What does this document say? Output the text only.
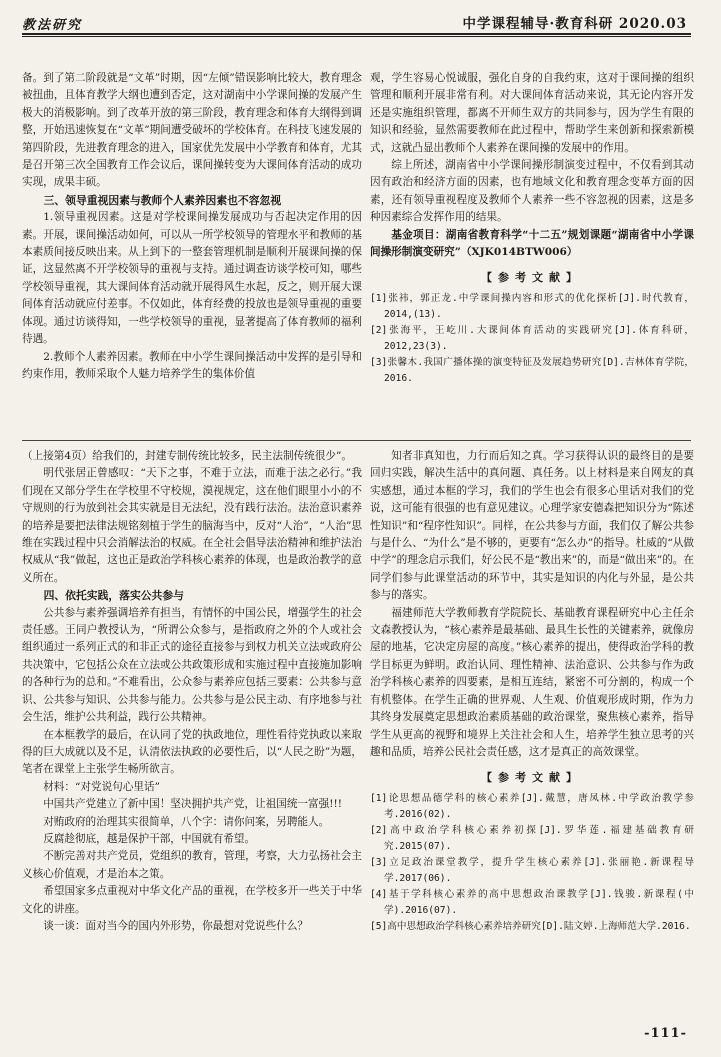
教法研究	中学课程辅导·教育科研 2020.03

备。到了第二阶段就是“文革”时期，因“左倾”错误影响比较大，教育理念被扭曲，且体育教学大纲也遭到否定，这对湖南中小学课间操的发展产生极大的消极影响。到了改革开放的第三阶段，教育理念和体育大纲得到调整，开始迅速恢复在“文革”期间遭受破坏的学校体育。在科技飞速发展的第四阶段，先进教育理念的进入，国家优先发展中小学教育和体育，尤其是召开第三次全国教育工作会议后，课间操转变为大课间体育活动的成功实现，成果丰硕。

三、领导重视因素与教师个人素养因素也不容忽视

1.领导重视因素。这是对学校课间操发展成功与否起决定作用的因素。开展，课间操活动如何，可以从一所学校领导的管理水平和教师的基本素质间接反映出来。从上到下的一整套管理机制是顺利开展课间操的保证，这显然离不开学校领导的重视与支持。通过调查访谈学校可知，哪些学校领导重视，其大课间体育活动就开展得风生水起，反之，则开展大课间体育活动就应付差事。不仅如此，体育经费的投放也是领导重视的重要体现。通过访谈得知，一些学校领导的重视，显著提高了体育教师的福利待遇。

2.教师个人素养因素。教师在中小学生课间操活动中发挥的是引导和约束作用，教师采取个人魅力培养学生的集体价值

观，学生容易心悦诚服，强化自身的自我约束，这对于课间操的组织管理和顺利开展非常有利。对大课间体育活动来说，其无论内容开发还是实施组织管理，都离不开师生双方的共同参与，因为学生有限的知识和经验，显然需要教师在此过程中，帮助学生来创新和探索新模式，这就凸显出教师个人素养在课间操的发展中的作用。

综上所述，湖南省中小学课间操形制演变过程中，不仅看到其动因有政治和经济方面的因素，也有地域文化和教育理念变革方面的因素，还有领导重视程度及教师个人素养一些不容忽视的因素，这是多种因素综合发挥作用的结果。

基金项目：湖南省教育科学“十二五”规划课题“湖南省中小学课间操形制演变研究”（XJK014BTW006）

【参考文献】

[1]张祎，郭正龙.中学课间操内容和形式的优化探析[J].时代教育，2014,(13).

[2]张海平，王屹川.大课间体育活动的实践研究[J].体育科研，2012,23(3).

[3]张馨木.我国广播体操的演变特征及发展趋势研究[D].吉林体育学院，2016.

（上接第4页）给我们的，封建专制传统比较多，民主法制传统很少”。

明代张居正曾感叹：“天下之事，不难于立法，而难于法之必行。”我们现在又部分学生在学校里不守校规，漠视规定，这在他们眼里小小的不守规则的行为放到社会其实就是目无法纪，没有践行法治。法治意识素养的培养是要把法律法规铭刻植于学生的脑海当中，反对“人治”，“人治”思维在实践过程中只会消解法治的权威。在全社会倡导法治精神和维护法治权威从“我”做起，这也正是政治学科核心素养的体现，也是政治教学的意义所在。

四、依托实践，落实公共参与

公共参与素养强调培养有担当，有情怀的中国公民，增强学生的社会责任感。王同户教授认为，“所谓公众参与，是指政府之外的个人或社会组织通过一系列正式的和非正式的途径直接参与到权力机关立法或政府公共决策中，它包括公众在立法或公共政策形成和实施过程中直接施加影响的各种行为的总和。”不难看出，公众参与素养应包括三要素：公共参与意识、公共参与知识、公共参与能力。公共参与是公民主动、有序地参与社会生活，维护公共利益，践行公共精神。

在本框教学的最后，在认同了党的执政地位，理性看待党执政以来取得的巨大成就以及不足，认清依法执政的必要性后，以“人民之盼”为题，笔者在课堂上主张学生畅所欲言。

材料：“对党说句心里话”

中国共产党建立了新中国！坚决拥护共产党，让祖国统一富强!!!

对贿政府的治理其实很简单，八个字：请你问案，另聘能人。

反腐趁彻底，越是保护干部，中国就有希望。

不断完善对共产党员，党组织的教育，管理，考察，大力弘扬社会主义核心价值观，才是治本之策。

希望国家多点重视对中华文化产品的重视，在学校多开一些关于中华文化的讲座。

谈一谈：面对当今的国内外形势，你最想对党说些什么？

知者非真知也，力行而后知之真。学习获得认识的最终目的是要回归实践，解决生活中的真问题、真任务。以上材料是来自网友的真实感想，通过本框的学习，我们的学生也会有很多心里话对我们的党说，这可能有很强的也有意见建议。心理学家安德森把知识分为“陈述性知识”和“程序性知识”。同样，在公共参与方面，我们仅了解公共参与是什么、“为什么”是不够的，更要有“怎么办”的指导。杜威的“从做中学”的理念启示我们，好公民不是“教出来”的，而是“做出来”的。在同学们参与此课堂活动的环节中，其实是知识的内化与外显，是公共参与的落实。

福建师范大学教师教育学院院长、基础教育课程研究中心主任余文森教授认为，“核心素养是最基础、最具生长性的关键素养，就像房屋的地基，它决定房屋的高度。”核心素养的提出，使得政治学科的教学目标更为鲜明。政治认同、理性精神、法治意识、公共参与作为政治学科核心素养的四要素，是相互连结，紧密不可分割的，构成一个有机整体。在学生正确的世界观、人生观、价值观形成时期，作为力其终身发展奠定思想政治素质基础的政治课堂，聚焦核心素养，指导学生从更高的视野和境界上关注社会和人生，培养学生独立思考的兴趣和品质，培养公民社会责任感，这才是真正的高效课堂。

【参考文献】

[1]论思想品德学科的核心素养[J].戴慧，唐凤林.中学政治教学参考.2016(02).

[2]高中政治学科核心素养初探[J].罗华莲.福建基础教育研究.2015(07).

[3]立足政治课堂教学，提升学生核心素养[J].张丽艳.新课程导学.2017(06).

[4]基于学科核心素养的高中思想政治课教学[J].钱骏.新课程(中学).2016(07).

[5]高中思想政治学科核心素养培养研究[D].陆文婷.上海师范大学.2016.

-111-
